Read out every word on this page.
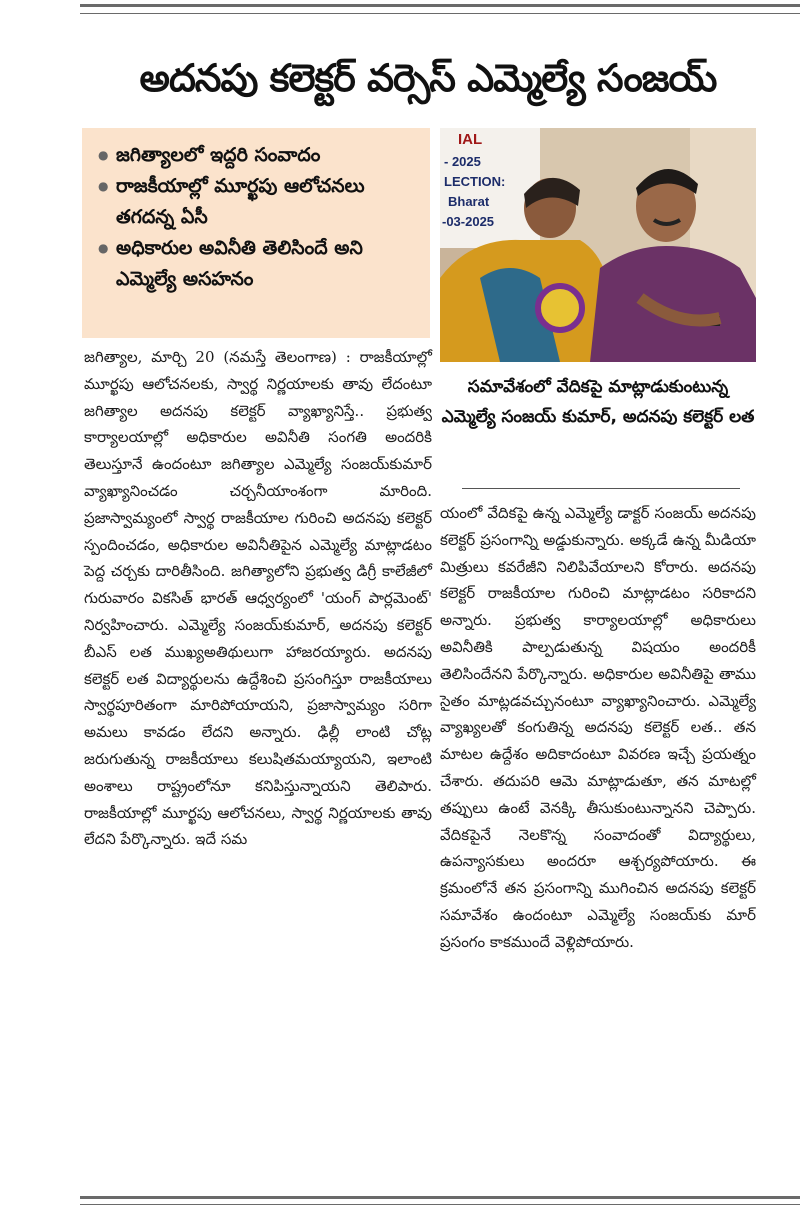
అదనపు కలెక్టర్ వర్సెస్ ఎమ్మెల్యే సంజయ్
● జగిత్యాలలో ఇద్దరి సంవాదం
● రాజకీయాల్లో మూర్ఖపు ఆలోచనలు తగదన్న ఏసీ
● అధికారుల అవినీతి తెలిసిందే అని ఎమ్మెల్యే అసహనం
IAL
- 2025
LECTION:
Bharat
-03-2025
సమావేశంలో వేదికపై మాట్లాడుకుంటున్న ఎమ్మెల్యే సంజయ్ కుమార్, అదనపు కలెక్టర్ లత

జగిత్యాల, మార్చి 20 (నమస్తే తెలంగాణ) : రాజకీయాల్లో మూర్ఖపు ఆలోచనలకు, స్వార్థ నిర్ణయాలకు తావు లేదంటూ జగిత్యాల అదనపు కలెక్టర్ వ్యాఖ్యానిస్తే.. ప్రభుత్వ కార్యాలయాల్లో అధికారుల అవినీతి సంగతి అందరికి తెలుస్తూనే ఉందంటూ జగిత్యాల ఎమ్మెల్యే సంజయ్‌కుమార్ వ్యాఖ్యానించడం చర్చనీయాంశంగా మారింది. ప్రజాస్వామ్యంలో స్వార్థ రాజకీయాల గురించి అదనపు కలెక్టర్ స్పందించడం, అధికారుల అవినీతిపైన ఎమ్మెల్యే మాట్లాడటం పెద్ద చర్చకు దారితీసింది. జగిత్యాలోని ప్రభుత్వ డిగ్రీ కాలేజీలో గురువారం వికసిత్ భారత్ ఆధ్వర్యంలో 'యంగ్ పార్లమెంట్' నిర్వహించారు. ఎమ్మెల్యే సంజయ్‌కుమార్, అదనపు కలెక్టర్ బీఎస్ లత ముఖ్యఅతిథులుగా హాజరయ్యారు. అదనపు కలెక్టర్ లత విద్యార్థులను ఉద్దేశించి ప్రసంగిస్తూ రాజకీయాలు స్వార్థపూరితంగా మారిపోయాయని, ప్రజాస్వామ్యం సరిగా అమలు కావడం లేదని అన్నారు. ఢిల్లీ లాంటి చోట్ల జరుగుతున్న రాజకీయాలు కలుషితమయ్యాయని, ఇలాంటి అంశాలు రాష్ట్రంలోనూ కనిపిస్తున్నాయని తెలిపారు. రాజకీయాల్లో మూర్ఖపు ఆలోచనలు, స్వార్థ నిర్ణయాలకు తావు లేదని పేర్కొన్నారు. ఇదే సమ

యంలో వేదికపై ఉన్న ఎమ్మెల్యే డాక్టర్ సంజయ్ అదనపు కలెక్టర్ ప్రసంగాన్ని అడ్డుకున్నారు. అక్కడే ఉన్న మీడియా మిత్రులు కవరేజీని నిలిపివేయాలని కోరారు. అదనపు కలెక్టర్ రాజకీయాల గురించి మాట్లాడటం సరికాదని అన్నారు. ప్రభుత్వ కార్యాలయాల్లో అధికారులు అవినీతికి పాల్పడుతున్న విషయం అందరికీ తెలిసిందేనని పేర్కొన్నారు. అధికారుల అవినీతిపై తాము సైతం మాట్లడవచ్చునంటూ వ్యాఖ్యానించారు. ఎమ్మెల్యే వ్యాఖ్యలతో కంగుతిన్న అదనపు కలెక్టర్ లత.. తన మాటల ఉద్దేశం అదికాదంటూ వివరణ ఇచ్చే ప్రయత్నం చేశారు. తదుపరి ఆమె మాట్లాడుతూ, తన మాటల్లో తప్పులు ఉంటే వెనక్కి తీసుకుంటున్నానని చెప్పారు. వేదికపైనే నెలకొన్న సంవాదంతో విద్యార్థులు, ఉపన్యాసకులు అందరూ ఆశ్చర్యపోయారు. ఈ క్రమంలోనే తన ప్రసంగాన్ని ముగించిన అదనపు కలెక్టర్ సమావేశం ఉందంటూ ఎమ్మెల్యే సంజయ్‌కు మార్ ప్రసంగం కాకముందే వెళ్లిపోయారు.
